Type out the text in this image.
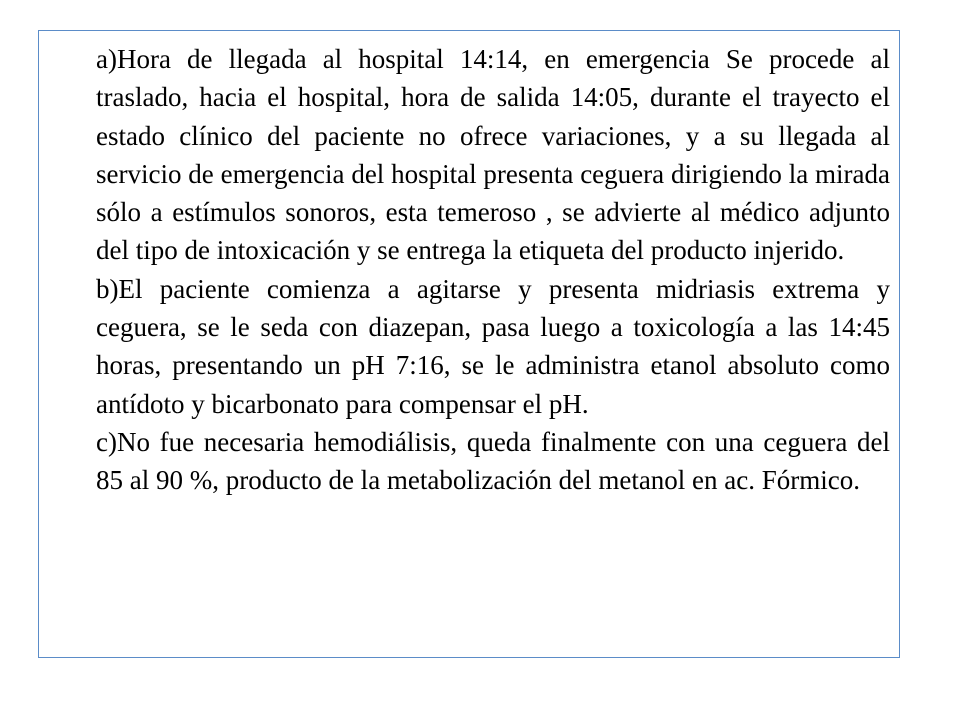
a)Hora de llegada al hospital 14:14, en emergencia Se procede al traslado, hacia el hospital, hora de salida 14:05, durante el trayecto el estado clínico del paciente no ofrece variaciones, y a su llegada al servicio de emergencia del hospital presenta ceguera dirigiendo la mirada sólo a estímulos sonoros, esta temeroso , se advierte al médico adjunto del tipo de intoxicación y se entrega la etiqueta del producto injerido.

b)El paciente comienza a agitarse y presenta midriasis extrema y ceguera, se le seda con diazepan, pasa luego a toxicología a las 14:45 horas, presentando un pH 7:16, se le administra etanol absoluto como antídoto y bicarbonato para compensar el pH.

c)No fue necesaria hemodiálisis, queda finalmente con una ceguera del 85 al 90 %, producto de la metabolización del metanol en ac. Fórmico.
